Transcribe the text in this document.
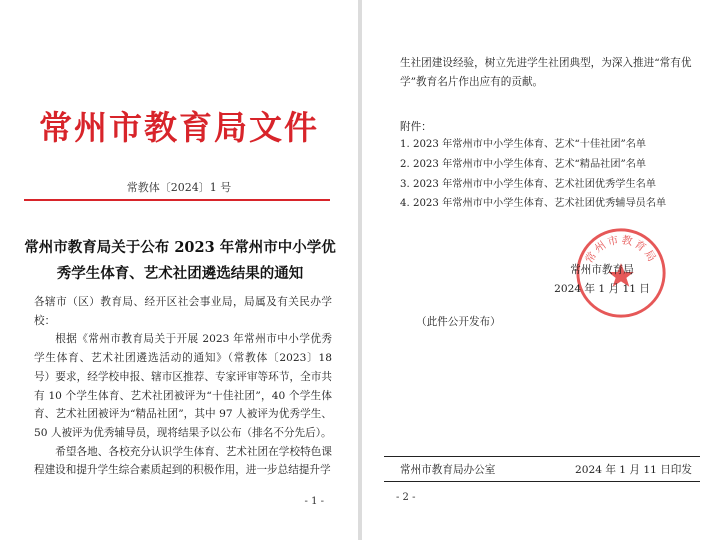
常州市教育局文件
常教体〔2024〕1 号
常州市教育局关于公布 2023 年常州市中小学优秀学生体育、艺术社团遴选结果的通知

各辖市（区）教育局、经开区社会事业局，局属及有关民办学校：

根据《常州市教育局关于开展 2023 年常州市中小学优秀学生体育、艺术社团遴选活动的通知》（常教体〔2023〕18 号）要求，经学校申报、辖市区推荐、专家评审等环节，全市共有 10 个学生体育、艺术社团被评为“十佳社团”，40 个学生体育、艺术社团被评为“精品社团”，其中 97 人被评为优秀学生、50 人被评为优秀辅导员，现将结果予以公布（排名不分先后）。

希望各地、各校充分认识学生体育、艺术社团在学校特色课程建设和提升学生综合素质起到的积极作用，进一步总结提升学

- 1 -

生社团建设经验，树立先进学生社团典型，为深入推进“常有优学”教育名片作出应有的贡献。

附件：
1. 2023 年常州市中小学生体育、艺术“十佳社团”名单
2. 2023 年常州市中小学生体育、艺术“精品社团”名单
3. 2023 年常州市中小学生体育、艺术社团优秀学生名单
4. 2023 年常州市中小学生体育、艺术社团优秀辅导员名单
常州市教育局
常州市教育局
2024 年 1 月 11 日
（此件公开发布）
常州市教育局办公室	2024 年 1 月 11 日印发
- 2 -
